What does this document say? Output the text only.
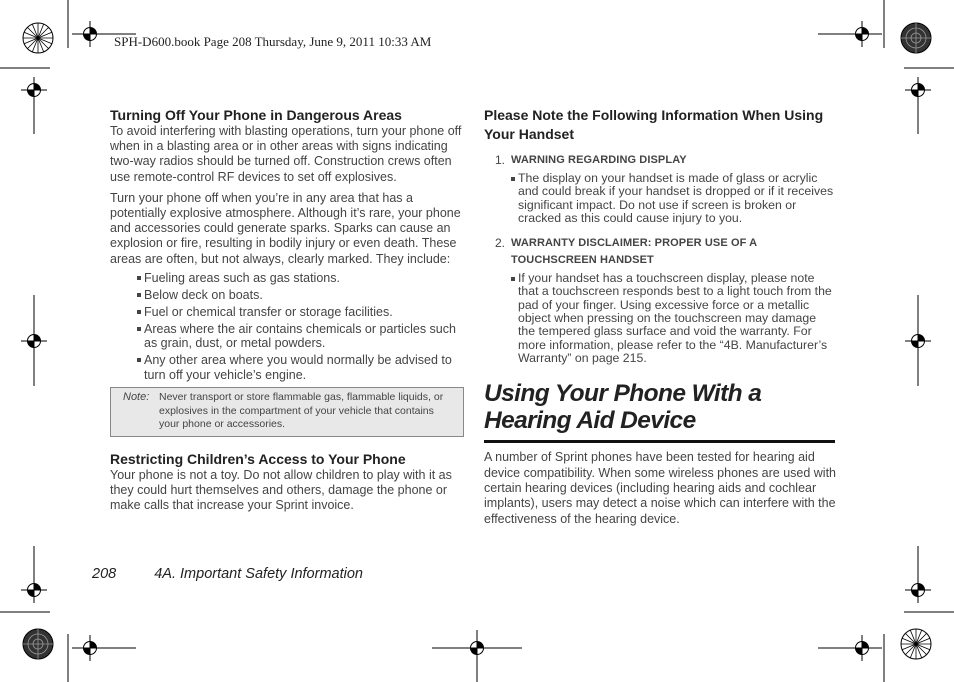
SPH-D600.book Page 208 Thursday, June 9, 2011 10:33 AM
Turning Off Your Phone in Dangerous Areas

To avoid interfering with blasting operations, turn your phone off when in a blasting area or in other areas with signs indicating two-way radios should be turned off. Construction crews often use remote-control RF devices to set off explosives.

Turn your phone off when you’re in any area that has a potentially explosive atmosphere. Although it’s rare, your phone and accessories could generate sparks. Sparks can cause an explosion or fire, resulting in bodily injury or even death. These areas are often, but not always, clearly marked. They include:

Fueling areas such as gas stations.
Below deck on boats.
Fuel or chemical transfer or storage facilities.
Areas where the air contains chemicals or particles such as grain, dust, or metal powders.
Any other area where you would normally be advised to turn off your vehicle’s engine.
Note: Never transport or store flammable gas, flammable liquids, or explosives in the compartment of your vehicle that contains your phone or accessories.
Restricting Children’s Access to Your Phone

Your phone is not a toy. Do not allow children to play with it as they could hurt themselves and others, damage the phone or make calls that increase your Sprint invoice.

Please Note the Following Information When Using Your Handset
1. WARNING REGARDING DISPLAY
The display on your handset is made of glass or acrylic and could break if your handset is dropped or if it receives significant impact. Do not use if screen is broken or cracked as this could cause injury to you.
2. WARRANTY DISCLAIMER: PROPER USE OF A TOUCHSCREEN HANDSET
If your handset has a touchscreen display, please note that a touchscreen responds best to a light touch from the pad of your finger. Using excessive force or a metallic object when pressing on the touchscreen may damage the tempered glass surface and void the warranty. For more information, please refer to the “4B. Manufacturer’s Warranty” on page 215.
Using Your Phone With a Hearing Aid Device

A number of Sprint phones have been tested for hearing aid device compatibility. When some wireless phones are used with certain hearing devices (including hearing aids and cochlear implants), users may detect a noise which can interfere with the effectiveness of the hearing device.

208	4A. Important Safety Information
